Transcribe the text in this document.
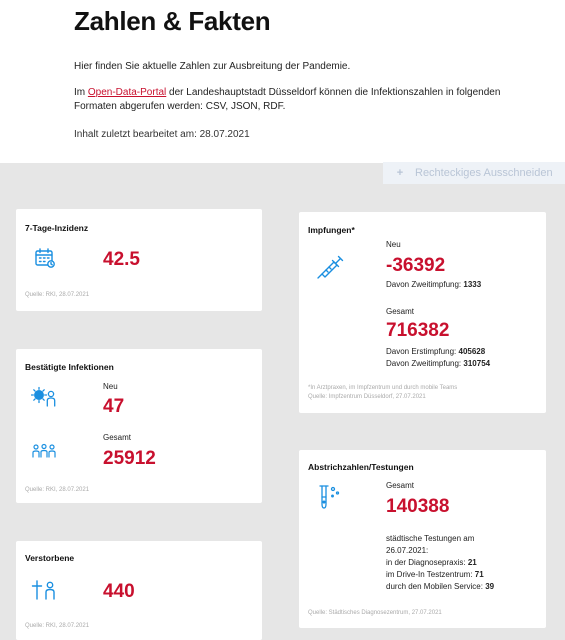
Zahlen & Fakten
Hier finden Sie aktuelle Zahlen zur Ausbreitung der Pandemie.
Im Open-Data-Portal der Landeshauptstadt Düsseldorf können die Infektionszahlen in folgenden Formaten abgerufen werden: CSV, JSON, RDF.
Inhalt zuletzt bearbeitet am: 28.07.2021
+ Rechteckiges Ausschneiden
7-Tage-Inzidenz
42.5
Quelle: RKI, 28.07.2021
Bestätigte Infektionen
Neu
47
Gesamt
25912
Quelle: RKI, 28.07.2021
Verstorbene
440
Quelle: RKI, 28.07.2021
Impfungen*
Neu
-36392
Davon Zweitimpfung: 1333
Gesamt
716382
Davon Erstimpfung: 405628
Davon Zweitimpfung: 310754
*In Arztpraxen, im Impfzentrum und durch mobile Teams
Quelle: Impfzentrum Düsseldorf, 27.07.2021
Abstrichzahlen/Testungen
Gesamt
140388
städtische Testungen am
26.07.2021:
in der Diagnosepraxis: 21
im Drive-In Testzentrum: 71
durch den Mobilen Service: 39
Quelle: Städtisches Diagnosezentrum, 27.07.2021
